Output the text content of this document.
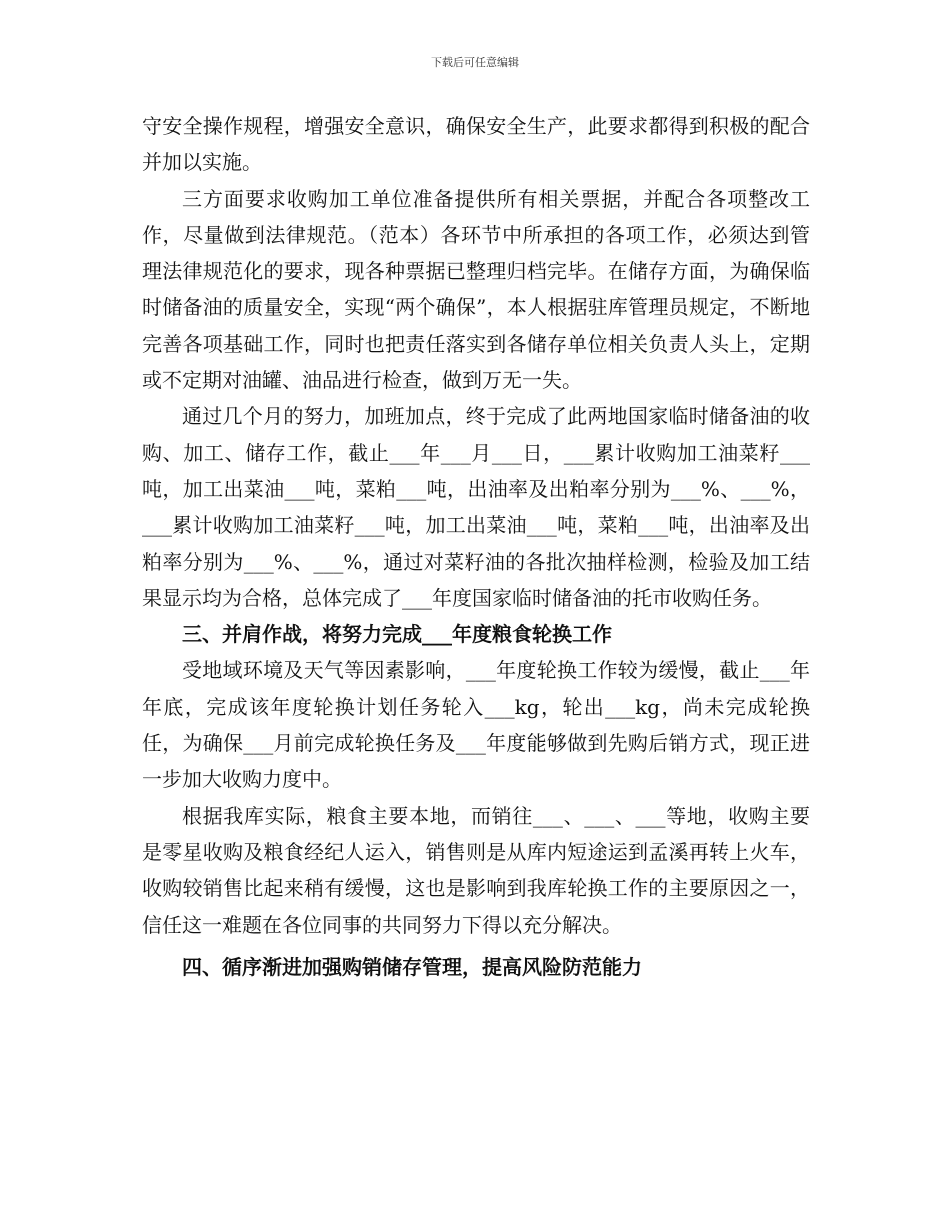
下载后可任意编辑

守安全操作规程，增强安全意识，确保安全生产，此要求都得到积极的配合并加以实施。

三方面要求收购加工单位准备提供所有相关票据，并配合各项整改工作，尽量做到法律规范。（范本）各环节中所承担的各项工作，必须达到管理法律规范化的要求，现各种票据已整理归档完毕。在储存方面，为确保临时储备油的质量安全，实现“两个确保”，本人根据驻库管理员规定，不断地完善各项基础工作，同时也把责任落实到各储存单位相关负责人头上，定期或不定期对油罐、油品进行检查，做到万无一失。

通过几个月的努力，加班加点，终于完成了此两地国家临时储备油的收购、加工、储存工作，截止___年___月___日，___累计收购加工油菜籽___吨，加工出菜油___吨，菜粕___吨，出油率及出粕率分别为___%、___%，___累计收购加工油菜籽___吨，加工出菜油___吨，菜粕___吨，出油率及出粕率分别为___%、___%，通过对菜籽油的各批次抽样检测，检验及加工结果显示均为合格，总体完成了___年度国家临时储备油的托市收购任务。

三、并肩作战，将努力完成___年度粮食轮换工作

受地域环境及天气等因素影响，___年度轮换工作较为缓慢，截止___年年底，完成该年度轮换计划任务轮入___kg，轮出___kg，尚未完成轮换任，为确保___月前完成轮换任务及___年度能够做到先购后销方式，现正进一步加大收购力度中。

根据我库实际，粮食主要本地，而销往___、___、___等地，收购主要是零星收购及粮食经纪人运入，销售则是从库内短途运到孟溪再转上火车，收购较销售比起来稍有缓慢，这也是影响到我库轮换工作的主要原因之一，信任这一难题在各位同事的共同努力下得以充分解决。

四、循序渐进加强购销储存管理，提高风险防范能力
